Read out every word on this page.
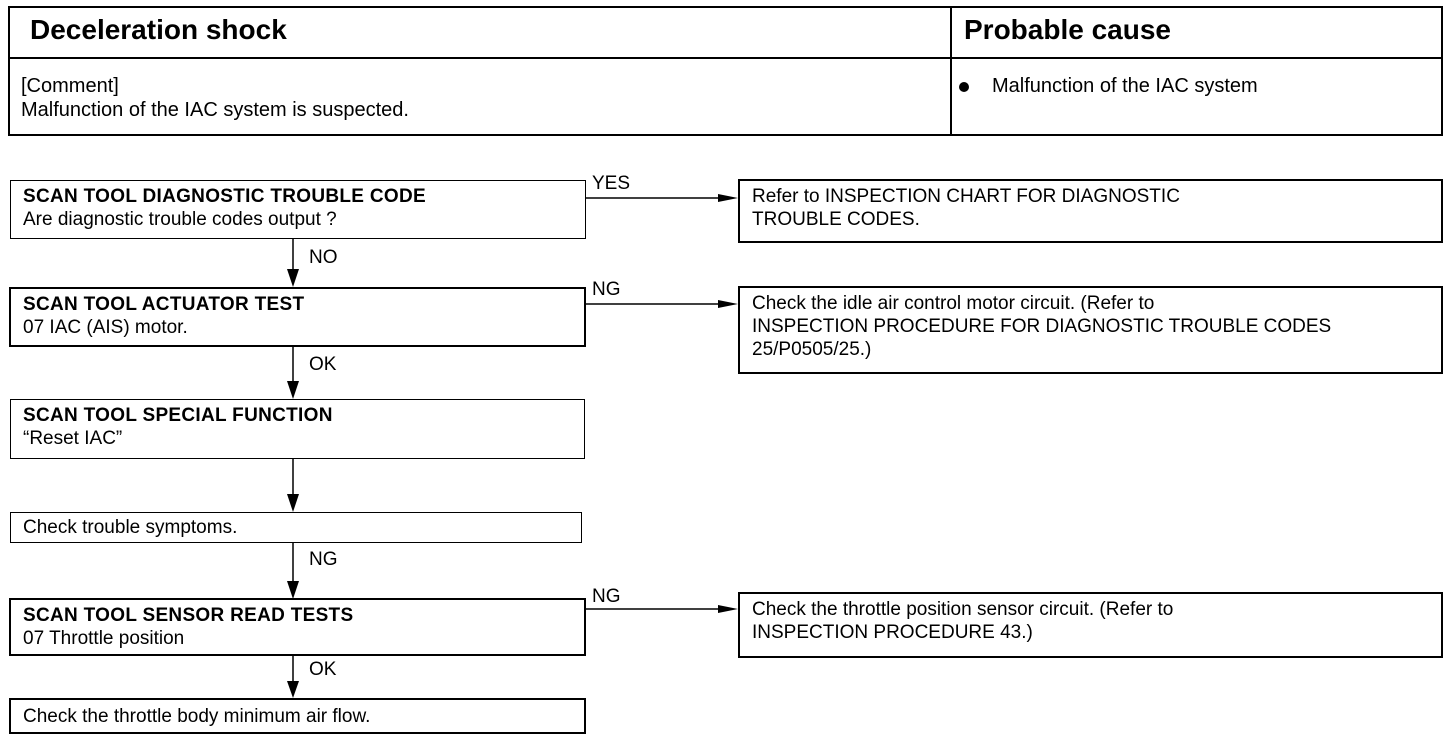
Deceleration shock	Probable cause
[Comment]
Malfunction of the IAC system is suspected.
Malfunction of the IAC system
SCAN TOOL DIAGNOSTIC TROUBLE CODE
Are diagnostic trouble codes output ?
YES
Refer to INSPECTION CHART FOR DIAGNOSTIC
TROUBLE CODES.
NO
SCAN TOOL ACTUATOR TEST
07 IAC (AIS) motor.
NG
Check the idle air control motor circuit. (Refer to
INSPECTION PROCEDURE FOR DIAGNOSTIC TROUBLE CODES
25/P0505/25.)
OK
SCAN TOOL SPECIAL FUNCTION
“Reset IAC”
Check trouble symptoms.
NG
SCAN TOOL SENSOR READ TESTS
07 Throttle position
NG
Check the throttle position sensor circuit. (Refer to
INSPECTION PROCEDURE 43.)
OK
Check the throttle body minimum air flow.
